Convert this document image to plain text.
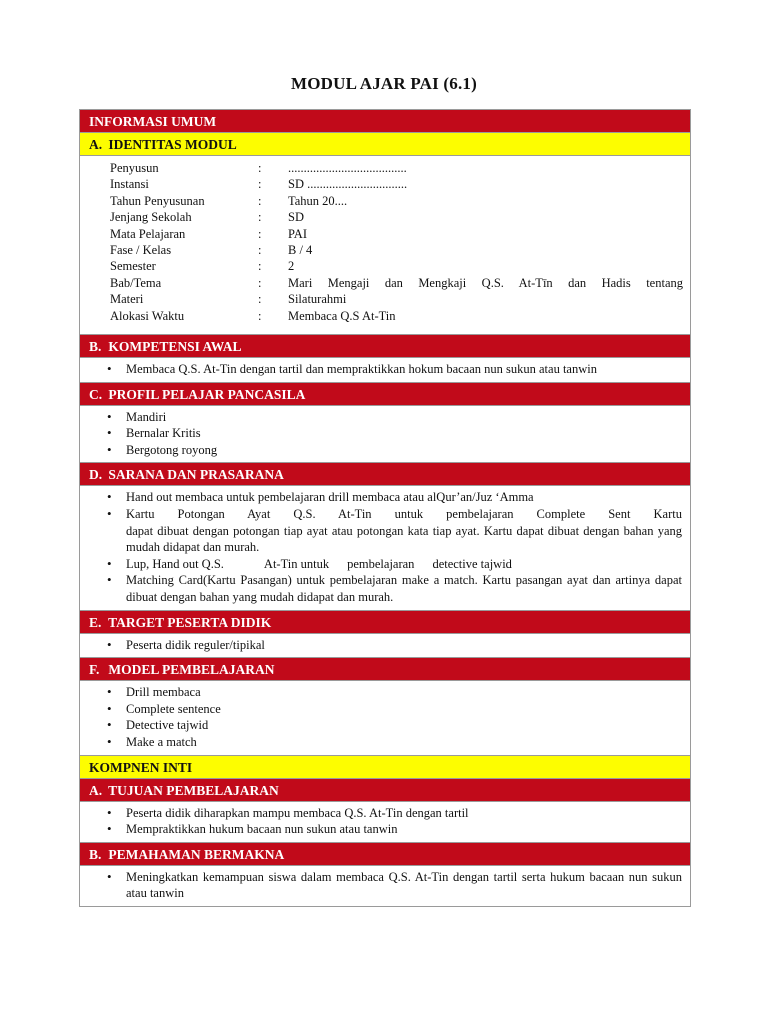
MODUL AJAR PAI (6.1)
INFORMASI UMUM
A. IDENTITAS MODUL
Penyusun	:	......................................
Instansi	:	SD ................................
Tahun Penyusunan	:	Tahun 20....
Jenjang Sekolah	:	SD
Mata Pelajaran	:	PAI
Fase / Kelas	:	B / 4
Semester	:	2
Bab/Tema	:	Mari Mengaji dan Mengkaji Q.S. At-Tīn dan Hadis tentang
Materi	:	Silaturahmi
Alokasi Waktu	:	Membaca Q.S At-Tin
B. KOMPETENSI AWAL
• Membaca Q.S. At-Tin dengan tartil dan mempraktikkan hokum bacaan nun sukun atau tanwin
C. PROFIL PELAJAR PANCASILA
• Mandiri
• Bernalar Kritis
• Bergotong royong
D. SARANA DAN PRASARANA
• Hand out membaca untuk pembelajaran drill membaca atau alQur’an/Juz ‘Amma
• Kartu Potongan Ayat Q.S. At-Tin untuk pembelajaran Complete Sent Kartu
dapat dibuat dengan potongan tiap ayat atau potongan kata tiap ayat. Kartu dapat dibuat dengan bahan yang mudah didapat dan murah.
• Lup, Hand out Q.S.	At-Tin untuk pembelajaran detective tajwid
• Matching Card(Kartu Pasangan) untuk pembelajaran make a match. Kartu pasangan ayat dan artinya dapat dibuat dengan bahan yang mudah didapat dan murah.
E. TARGET PESERTA DIDIK
• Peserta didik reguler/tipikal
F. MODEL PEMBELAJARAN
• Drill membaca
• Complete sentence
• Detective tajwid
• Make a match
KOMPNEN INTI
A. TUJUAN PEMBELAJARAN
• Peserta didik diharapkan mampu membaca Q.S. At-Tin dengan tartil
• Mempraktikkan hukum bacaan nun sukun atau tanwin
B. PEMAHAMAN BERMAKNA
• Meningkatkan kemampuan siswa dalam membaca Q.S. At-Tin dengan tartil serta hukum bacaan nun sukun atau tanwin
